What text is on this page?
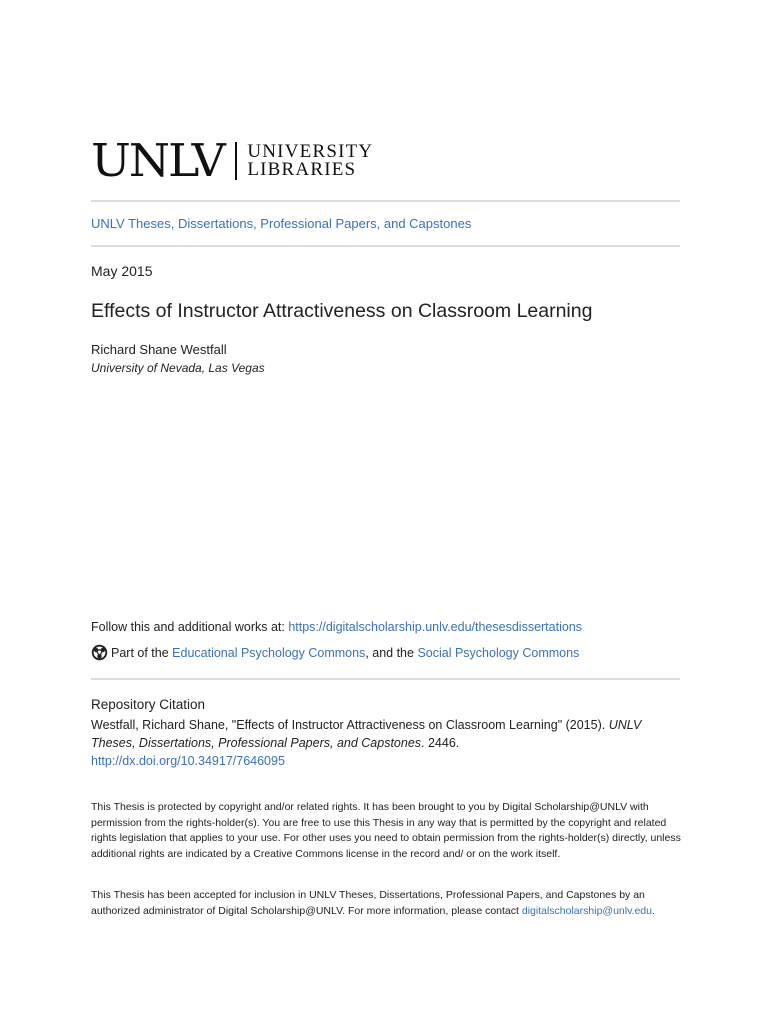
UNLV UNIVERSITY
LIBRARIES
UNLV Theses, Dissertations, Professional Papers, and Capstones
May 2015
Effects of Instructor Attractiveness on Classroom Learning
Richard Shane Westfall
University of Nevada, Las Vegas
Follow this and additional works at: https://digitalscholarship.unlv.edu/thesesdissertations
Part of the Educational Psychology Commons , and the Social Psychology Commons
Repository Citation
Westfall, Richard Shane, "Effects of Instructor Attractiveness on Classroom Learning" (2015). UNLV Theses, Dissertations, Professional Papers, and Capstones. 2446.
http://dx.doi.org/10.34917/7646095
This Thesis is protected by copyright and/or related rights. It has been brought to you by Digital Scholarship@UNLV with permission from the rights-holder(s). You are free to use this Thesis in any way that is permitted by the copyright and related rights legislation that applies to your use. For other uses you need to obtain permission from the rights-holder(s) directly, unless additional rights are indicated by a Creative Commons license in the record and/ or on the work itself.
This Thesis has been accepted for inclusion in UNLV Theses, Dissertations, Professional Papers, and Capstones by an authorized administrator of Digital Scholarship@UNLV. For more information, please contact digitalscholarship@unlv.edu.
